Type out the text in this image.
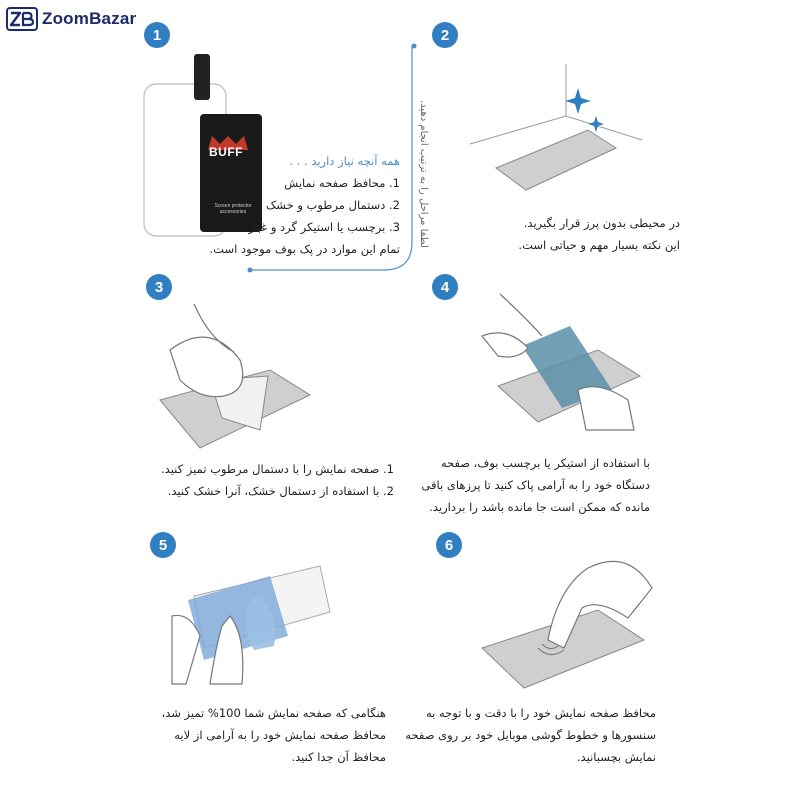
ZoomBazar
1	2
3	4
5	6
BUFF
Screen protector accessories	لطفا مراحل را به ترتیب انجام دهید.
همه آنچه نیاز دارید . . .
1. محافظ صفحه نمایش
2. دستمال مرطوب و خشک
3. برچسب یا استیکر گرد و غبار
تمام این موارد در پک بوف موجود است.
در محیطی بدون پرز قرار بگیرید.
این نکته بسیار مهم و حیاتی است.
1. صفحه نمایش را با دستمال مرطوب تمیز کنید.
2. با استفاده از دستمال خشک، آنرا خشک کنید.
با استفاده از استیکر یا برچسب بوف، صفحه
دستگاه خود را به آرامی پاک کنید تا پرزهای باقی
مانده که ممکن است جا مانده باشد را بردارید.
هنگامی که صفحه نمایش شما 100% تمیز شد،
محافظ صفحه نمایش خود را به آرامی از لایه
محافظ آن جدا کنید.
محافظ صفحه نمایش خود را با دقت و با توجه به
سنسورها و خطوط گوشی موبایل خود بر روی صفحه
نمایش بچسبانید.
